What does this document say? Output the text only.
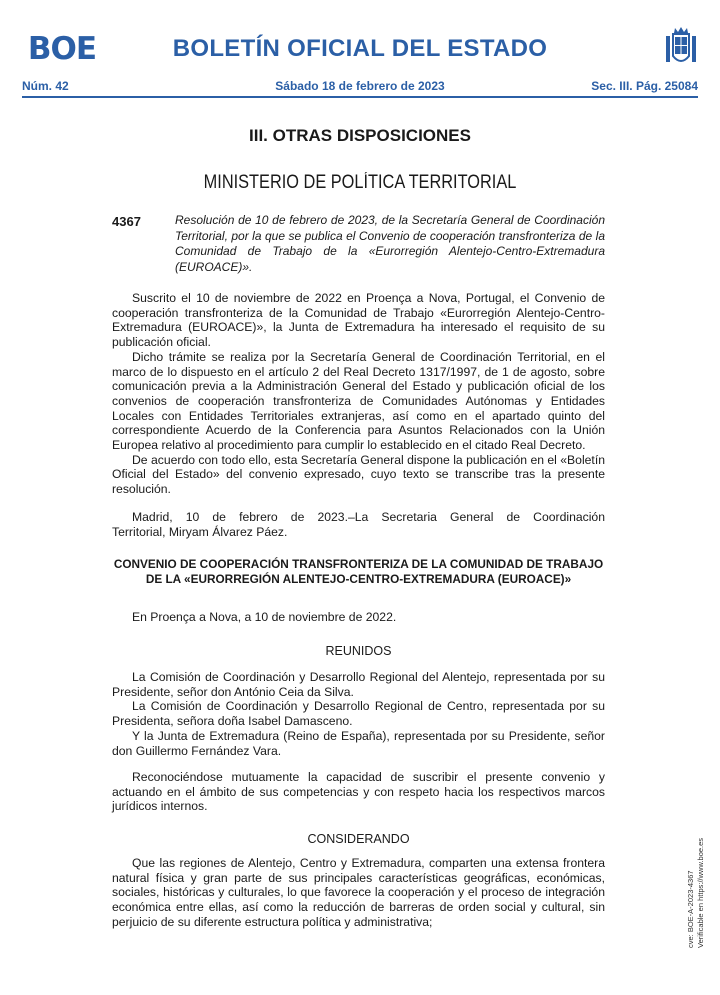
BOE	BOLETÍN OFICIAL DEL ESTADO
Núm. 42	Sábado 18 de febrero de 2023	Sec. III. Pág. 25084
III. OTRAS DISPOSICIONES
MINISTERIO DE POLÍTICA TERRITORIAL
4367	Resolución de 10 de febrero de 2023, de la Secretaría General de Coordinación Territorial, por la que se publica el Convenio de cooperación transfronteriza de la Comunidad de Trabajo de la «Eurorregión Alentejo-Centro-Extremadura (EUROACE)».

Suscrito el 10 de noviembre de 2022 en Proença a Nova, Portugal, el Convenio de cooperación transfronteriza de la Comunidad de Trabajo «Eurorregión Alentejo-Centro-Extremadura (EUROACE)», la Junta de Extremadura ha interesado el requisito de su publicación oficial.

Dicho trámite se realiza por la Secretaría General de Coordinación Territorial, en el marco de lo dispuesto en el artículo 2 del Real Decreto 1317/1997, de 1 de agosto, sobre comunicación previa a la Administración General del Estado y publicación oficial de los convenios de cooperación transfronteriza de Comunidades Autónomas y Entidades Locales con Entidades Territoriales extranjeras, así como en el apartado quinto del correspondiente Acuerdo de la Conferencia para Asuntos Relacionados con la Unión Europea relativo al procedimiento para cumplir lo establecido en el citado Real Decreto.

De acuerdo con todo ello, esta Secretaría General dispone la publicación en el «Boletín Oficial del Estado» del convenio expresado, cuyo texto se transcribe tras la presente resolución.

Madrid, 10 de febrero de 2023.–La Secretaria General de Coordinación

Territorial, Miryam Álvarez Páez.
CONVENIO DE COOPERACIÓN TRANSFRONTERIZA DE LA COMUNIDAD DE TRABAJO DE LA «EURORREGIÓN ALENTEJO-CENTRO-EXTREMADURA (EUROACE)»

En Proença a Nova, a 10 de noviembre de 2022.

REUNIDOS

La Comisión de Coordinación y Desarrollo Regional del Alentejo, representada por su Presidente, señor don António Ceia da Silva.

La Comisión de Coordinación y Desarrollo Regional de Centro, representada por su Presidenta, señora doña Isabel Damasceno.

Y la Junta de Extremadura (Reino de España), representada por su Presidente, señor don Guillermo Fernández Vara.

Reconociéndose mutuamente la capacidad de suscribir el presente convenio y actuando en el ámbito de sus competencias y con respeto hacia los respectivos marcos jurídicos internos.

CONSIDERANDO

Que las regiones de Alentejo, Centro y Extremadura, comparten una extensa frontera natural física y gran parte de sus principales características geográficas, económicas, sociales, históricas y culturales, lo que favorece la cooperación y el proceso de integración económica entre ellas, así como la reducción de barreras de orden social y cultural, sin perjuicio de su diferente estructura política y administrativa;	cve: BOE-A-2023-4367 Verificable en https://www.boe.es
